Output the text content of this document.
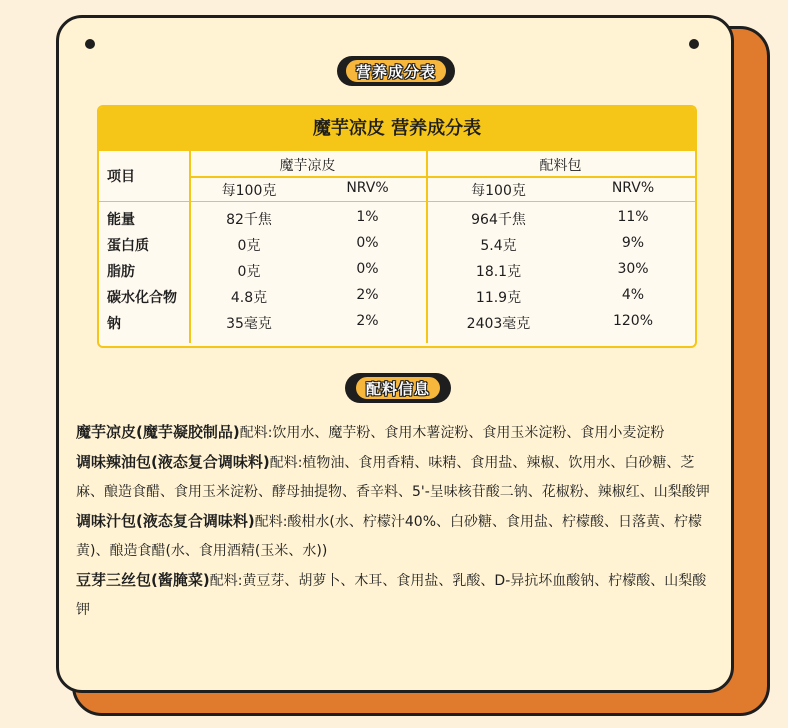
营养成分表
魔芋凉皮 营养成分表
项目
魔芋凉皮	配料包
每100克	NRV%	每100克	NRV%
能量	82千焦	1%	964千焦	11%
蛋白质	0克	0%	5.4克	9%
脂肪	0克	0%	18.1克	30%
碳水化合物	4.8克	2%	11.9克	4%
钠	35毫克	2%	2403毫克	120%
配料信息

魔芋凉皮(魔芋凝胶制品)配料:饮用水、魔芋粉、食用木薯淀粉、食用玉米淀粉、食用小麦淀粉

调味辣油包(液态复合调味料)配料:植物油、食用香精、味精、食用盐、辣椒、饮用水、白砂糖、芝麻、酿造食醋、食用玉米淀粉、酵母抽提物、香辛料、5'-呈味核苷酸二钠、花椒粉、辣椒红、山梨酸钾

调味汁包(液态复合调味料)配料:酸柑水(水、柠檬汁40%、白砂糖、食用盐、柠檬酸、日落黄、柠檬黄)、酿造食醋(水、食用酒精(玉米、水))

豆芽三丝包(酱腌菜)配料:黄豆芽、胡萝卜、木耳、食用盐、乳酸、D-异抗坏血酸钠、柠檬酸、山梨酸钾
